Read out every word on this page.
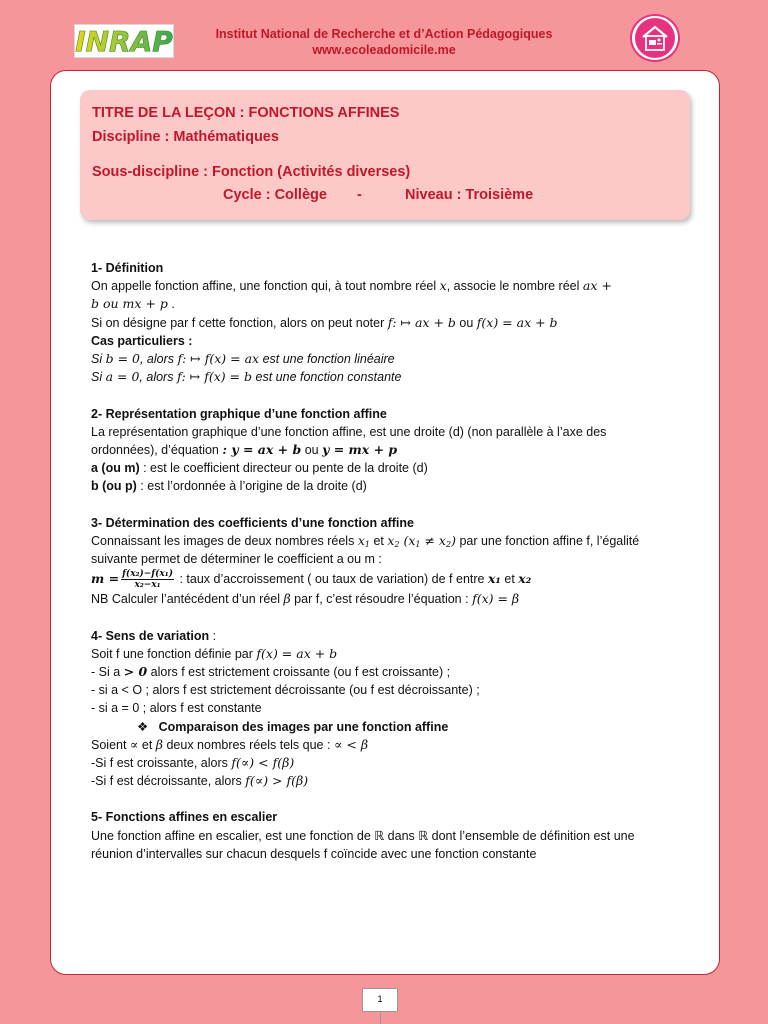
INRAP	Institut National de Recherche et d’Action Pédagogiques
www.ecoleadomicile.me
TITRE DE LA LEÇON : FONCTIONS AFFINES
Discipline : Mathématiques
Sous-discipline : Fonction (Activités diverses)
Cycle : Collège -	Niveau : Troisième
1- Définition
On appelle fonction affine, une fonction qui, à tout nombre réel x, associe le nombre réel ax +
b ou mx + p .
Si on désigne par f cette fonction, alors on peut noter f: ↦ ax + b ou f(x) = ax + b
Cas particuliers :
Si b = 0, alors f: ↦ f(x) = ax est une fonction linéaire
Si a = 0, alors f: ↦ f(x) = b est une fonction constante
2- Représentation graphique d’une fonction affine
La représentation graphique d’une fonction affine, est une droite (d) (non parallèle à l’axe des
ordonnées), d’équation : y = ax + b ou y = mx + p
a (ou m) : est le coefficient directeur ou pente de la droite (d)
b (ou p) : est l’ordonnée à l’origine de la droite (d)
3- Détermination des coefficients d’une fonction affine
Connaissant les images de deux nombres réels $x_1$ et $x_2$ $(x_1 \ne x_2)$ par une fonction affine f, l’égalité
suivante permet de déterminer le coefficient a ou m :
$m = \frac{\text{f(x₂)−f(x₁)}}{\text{x₂−x₁}}$ : taux d’accroissement ( ou taux de variation) de f entre x₁ et x₂
NB Calculer l’antécédent d’un réel β par f, c’est résoudre l’équation : f(x) = β
4- Sens de variation :
Soit f une fonction définie par f(x) = ax + b
- Si a > 0 alors f est strictement croissante (ou f est croissante) ;
- si a < O ; alors f est strictement décroissante (ou f est décroissante) ;
- si a = 0 ; alors f est constante
❖ Comparaison des images par une fonction affine
Soient ∝ et β deux nombres réels tels que : ∝ < β
-Si f est croissante, alors f(∝) < f(β)
-Si f est décroissante, alors f(∝) > f(β)
5- Fonctions affines en escalier
Une fonction affine en escalier, est une fonction de ℝ dans ℝ dont l’ensemble de définition est une
réunion d’intervalles sur chacun desquels f coïncide avec une fonction constante
1
